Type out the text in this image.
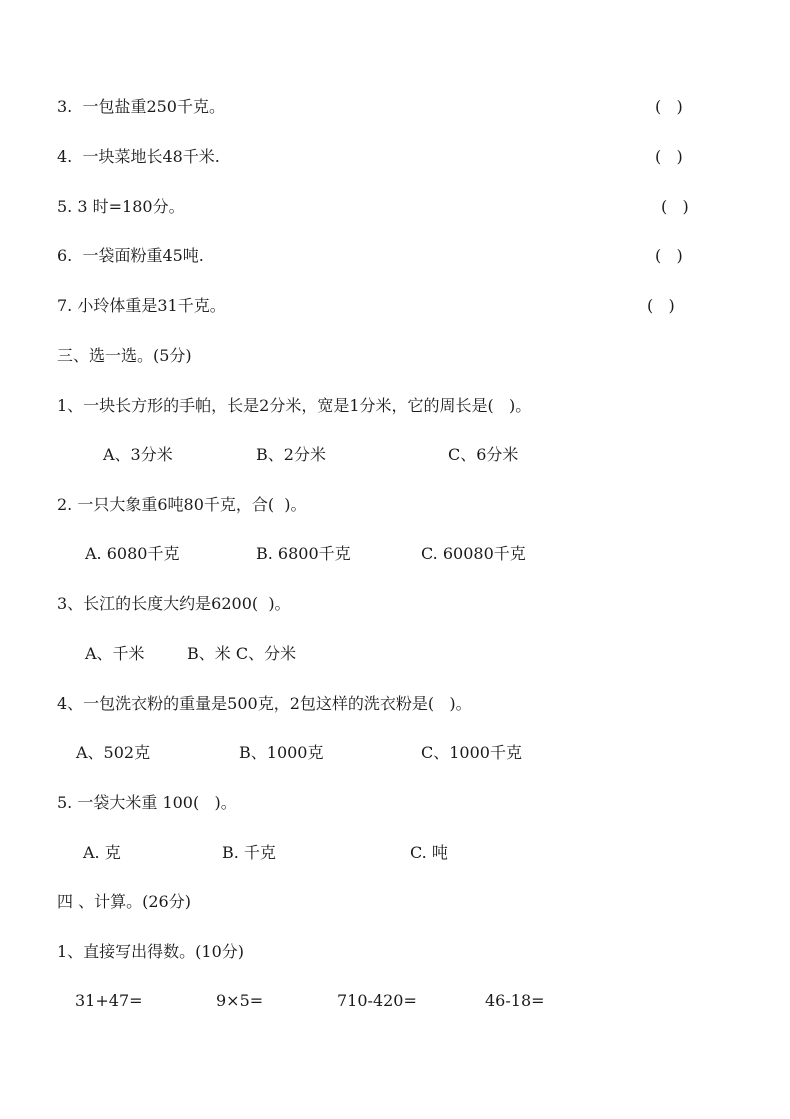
3.  一包盐重250千克。	(   )
4.  一块菜地长48千米.	(   )
5. 3 时=180分。	(   )
6.  一袋面粉重45吨.	(   )
7. 小玲体重是31千克。	(   )
三、选一选。(5分)
1、一块长方形的手帕，长是2分米，宽是1分米，它的周长是(   )。
A、3分米	B、2分米	C、6分米
2. 一只大象重6吨80千克，合(  )。
A. 6080千克	B. 6800千克	C. 60080千克
3、长江的长度大约是6200(  )。
A、千米	B、米 C、分米
4、一包洗衣粉的重量是500克，2包这样的洗衣粉是(   )。
A、502克	B、1000克	C、1000千克
5. 一袋大米重 100(   )。
A. 克	B. 千克	C. 吨
四 、计算。(26分)
1、直接写出得数。(10分)
31+47=	9×5=	710-420=	46-18=
